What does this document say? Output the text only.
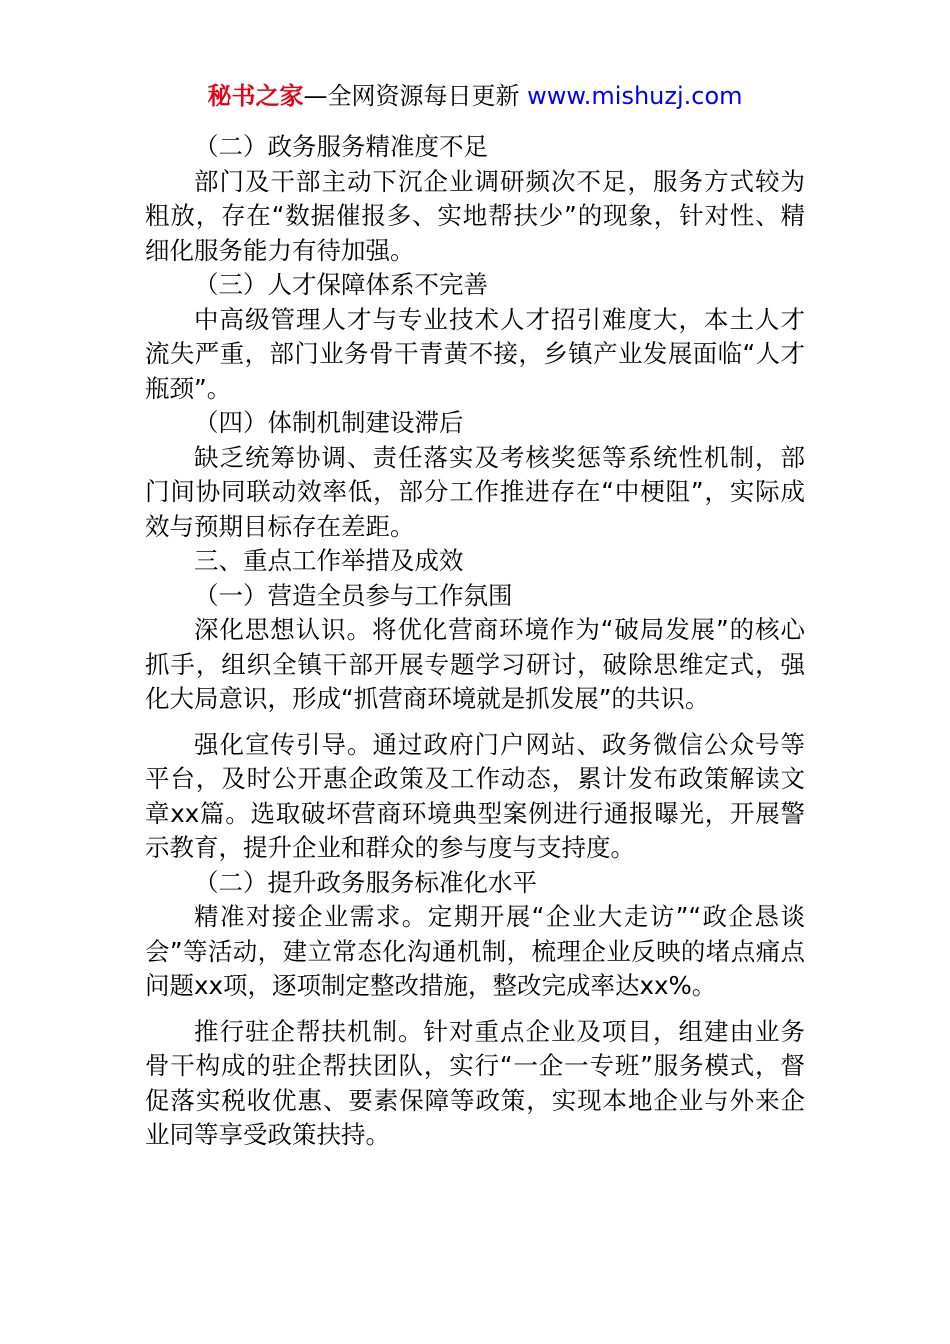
秘书之家—全网资源每日更新 www.mishuzj.com

（二）政务服务精准度不足

部门及干部主动下沉企业调研频次不足，服务方式较为粗放，存在“数据催报多、实地帮扶少”的现象，针对性、精细化服务能力有待加强。

（三）人才保障体系不完善

中高级管理人才与专业技术人才招引难度大，本土人才流失严重，部门业务骨干青黄不接，乡镇产业发展面临“人才瓶颈”。

（四）体制机制建设滞后

缺乏统筹协调、责任落实及考核奖惩等系统性机制，部门间协同联动效率低，部分工作推进存在“中梗阻”，实际成效与预期目标存在差距。

三、重点工作举措及成效

（一）营造全员参与工作氛围

深化思想认识。将优化营商环境作为“破局发展”的核心抓手，组织全镇干部开展专题学习研讨，破除思维定式，强化大局意识，形成“抓营商环境就是抓发展”的共识。

强化宣传引导。通过政府门户网站、政务微信公众号等平台，及时公开惠企政策及工作动态，累计发布政策解读文章xx篇。选取破坏营商环境典型案例进行通报曝光，开展警示教育，提升企业和群众的参与度与支持度。

（二）提升政务服务标准化水平

精准对接企业需求。定期开展“企业大走访”“政企恳谈会”等活动，建立常态化沟通机制，梳理企业反映的堵点痛点问题xx项，逐项制定整改措施，整改完成率达xx%。

推行驻企帮扶机制。针对重点企业及项目，组建由业务骨干构成的驻企帮扶团队，实行“一企一专班”服务模式，督促落实税收优惠、要素保障等政策，实现本地企业与外来企业同等享受政策扶持。
